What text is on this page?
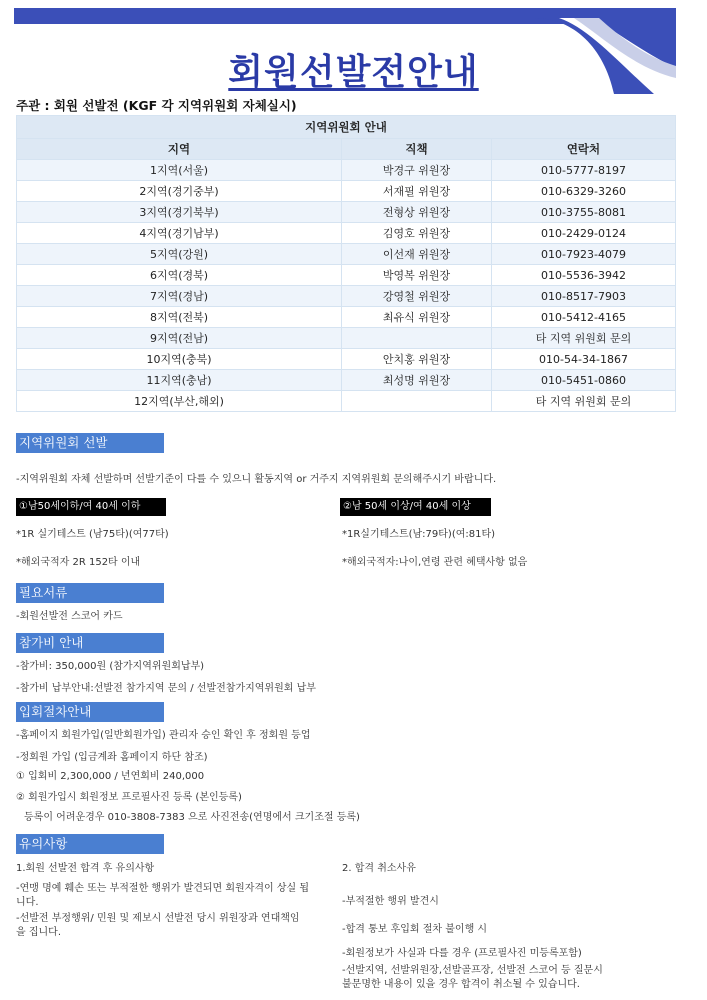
회원선발전안내
주관 : 회원 선발전 (KGF 각 지역위원회 자체실시)
지역위원회 안내		
지역	직책	연락처
1지역(서울)	박경구 위원장	010-5777-8197
2지역(경기중부)	서재필 위원장	010-6329-3260
3지역(경기북부)	전형상 위원장	010-3755-8081
4지역(경기남부)	김영호 위원장	010-2429-0124
5지역(강원)	이선재 위원장	010-7923-4079
6지역(경북)	박영복 위원장	010-5536-3942
7지역(경남)	강영철 위원장	010-8517-7903
8지역(전북)	최유식 위원장	010-5412-4165
9지역(전남)		타 지역 위원회 문의
10지역(충북)	안치홍 위원장	010-54-34-1867
11지역(충남)	최성명 위원장	010-5451-0860
12지역(부산,해외)		타 지역 위원회 문의
지역위원회 선발
-지역위원회 자체 선발하며 선발기준이 다를 수 있으니 활동지역 or 거주지 지역위원회 문의해주시기 바랍니다.
①남50세이하/여 40세 이하
*1R 실기테스트 (남75타)(여77타)
*해외국적자 2R 152타 이내
②남 50세 이상/여 40세 이상
*1R실기테스트(남:79타)(여:81타)
*해외국적자:나이,연령 관련 혜택사항 없음
필요서류
-회원선발전 스코어 카드
참가비 안내
-참가비: 350,000원 (참가지역위원회납부)
-참가비 납부안내:선발전 참가지역 문의 / 선발전참가지역위원회 납부
입회절차안내
-홈페이지 회원가입(일반회원가입) 관리자 승인 확인 후 정회원 등업
-정회원 가입 (입금계좌 홈페이지 하단 참조)
① 입회비 2,300,000 / 년연회비 240,000
② 회원가입시 회원정보 프로필사진 등록 (본인등록)
등록이 어려운경우 010-3808-7383 으로 사진전송(연명에서 크기조절 등록)
유의사항
1.회원 선발전 합격 후 유의사항
-연맹 명예 훼손 또는 부적절한 행위가 발견되면 회원자격이 상실 됩니다.
-선발전 부정행위/ 민원 및 제보시 선발전 당시 위원장과 연대책임을 집니다.
2. 합격 취소사유
-부적절한 행위 발견시
-합격 통보 후입회 절차 불이행 시
-회원정보가 사실과 다를 경우 (프로필사진 미등록포함)
-선발지역, 선발위원장,선발골프장, 선발전 스코어 등 질문시 불문명한 내용이 있을 경우 합격이 취소될 수 있습니다.
